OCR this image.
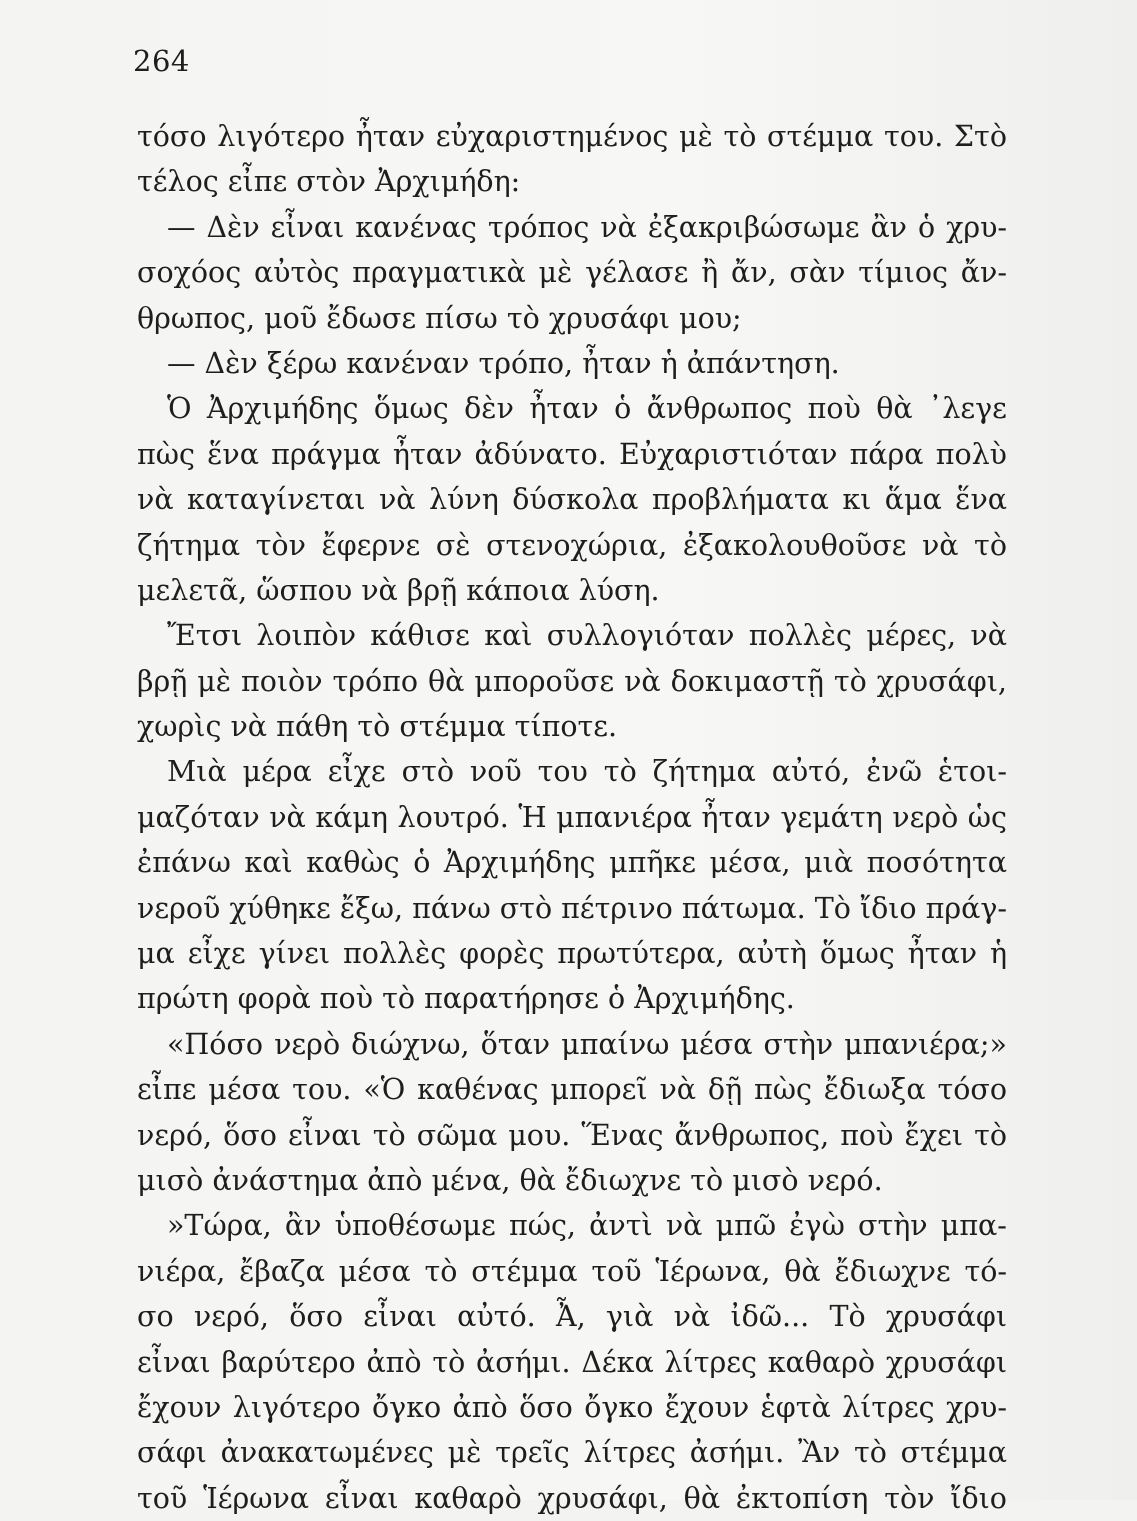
264
τόσο λιγότερο ἦταν εὐχαριστημένος μὲ τὸ στέμμα του. Στὸ
τέλος εἶπε στὸν Ἀρχιμήδη:
— Δὲν εἶναι κανένας τρόπος νὰ ἐξακριβώσωμε ἂν ὁ χρυ-
σοχόος αὐτὸς πραγματικὰ μὲ γέλασε ἢ ἄν, σὰν τίμιος ἄν-
θρωπος, μοῦ ἔδωσε πίσω τὸ χρυσάφι μου;
— Δὲν ξέρω κανέναν τρόπο, ἦταν ἡ ἀπάντηση.
Ὁ Ἀρχιμήδης ὅμως δὲν ἦταν ὁ ἄνθρωπος ποὺ θὰ ᾽λεγε
πὼς ἕνα πράγμα ἦταν ἀδύνατο. Εὐχαριστιόταν πάρα πολὺ
νὰ καταγίνεται νὰ λύνη δύσκολα προβλήματα κι ἅμα ἕνα
ζήτημα τὸν ἔφερνε σὲ στενοχώρια, ἐξακολουθοῦσε νὰ τὸ
μελετᾶ, ὥσπου νὰ βρῇ κάποια λύση.
Ἔτσι λοιπὸν κάθισε καὶ συλλογιόταν πολλὲς μέρες, νὰ
βρῇ μὲ ποιὸν τρόπο θὰ μποροῦσε νὰ δοκιμαστῇ τὸ χρυσάφι,
χωρὶς νὰ πάθη τὸ στέμμα τίποτε.
Μιὰ μέρα εἶχε στὸ νοῦ του τὸ ζήτημα αὐτό, ἐνῶ ἑτοι-
μαζόταν νὰ κάμη λουτρό. Ἡ μπανιέρα ἦταν γεμάτη νερὸ ὡς
ἐπάνω καὶ καθὼς ὁ Ἀρχιμήδης μπῆκε μέσα, μιὰ ποσότητα
νεροῦ χύθηκε ἔξω, πάνω στὸ πέτρινο πάτωμα. Τὸ ἴδιο πράγ-
μα εἶχε γίνει πολλὲς φορὲς πρωτύτερα, αὐτὴ ὅμως ἦταν ἡ
πρώτη φορὰ ποὺ τὸ παρατήρησε ὁ Ἀρχιμήδης.
«Πόσο νερὸ διώχνω, ὅταν μπαίνω μέσα στὴν μπανιέρα;»
εἶπε μέσα του. «Ὁ καθένας μπορεῖ νὰ δῇ πὼς ἔδιωξα τόσο
νερό, ὅσο εἶναι τὸ σῶμα μου. Ἕνας ἄνθρωπος, ποὺ ἔχει τὸ
μισὸ ἀνάστημα ἀπὸ μένα, θὰ ἔδιωχνε τὸ μισὸ νερό.
»Τώρα, ἂν ὑποθέσωμε πώς, ἀντὶ νὰ μπῶ ἐγὼ στὴν μπα-
νιέρα, ἔβαζα μέσα τὸ στέμμα τοῦ Ἱέρωνα, θὰ ἔδιωχνε τό-
σο νερό, ὅσο εἶναι αὐτό. Ἆ, γιὰ νὰ ἰδῶ... Τὸ χρυσάφι
εἶναι βαρύτερο ἀπὸ τὸ ἀσήμι. Δέκα λίτρες καθαρὸ χρυσάφι
ἔχουν λιγότερο ὄγκο ἀπὸ ὅσο ὄγκο ἔχουν ἑφτὰ λίτρες χρυ-
σάφι ἀνακατωμένες μὲ τρεῖς λίτρες ἀσήμι. Ἂν τὸ στέμμα
τοῦ Ἱέρωνα εἶναι καθαρὸ χρυσάφι, θὰ ἐκτοπίση τὸν ἴδιο
